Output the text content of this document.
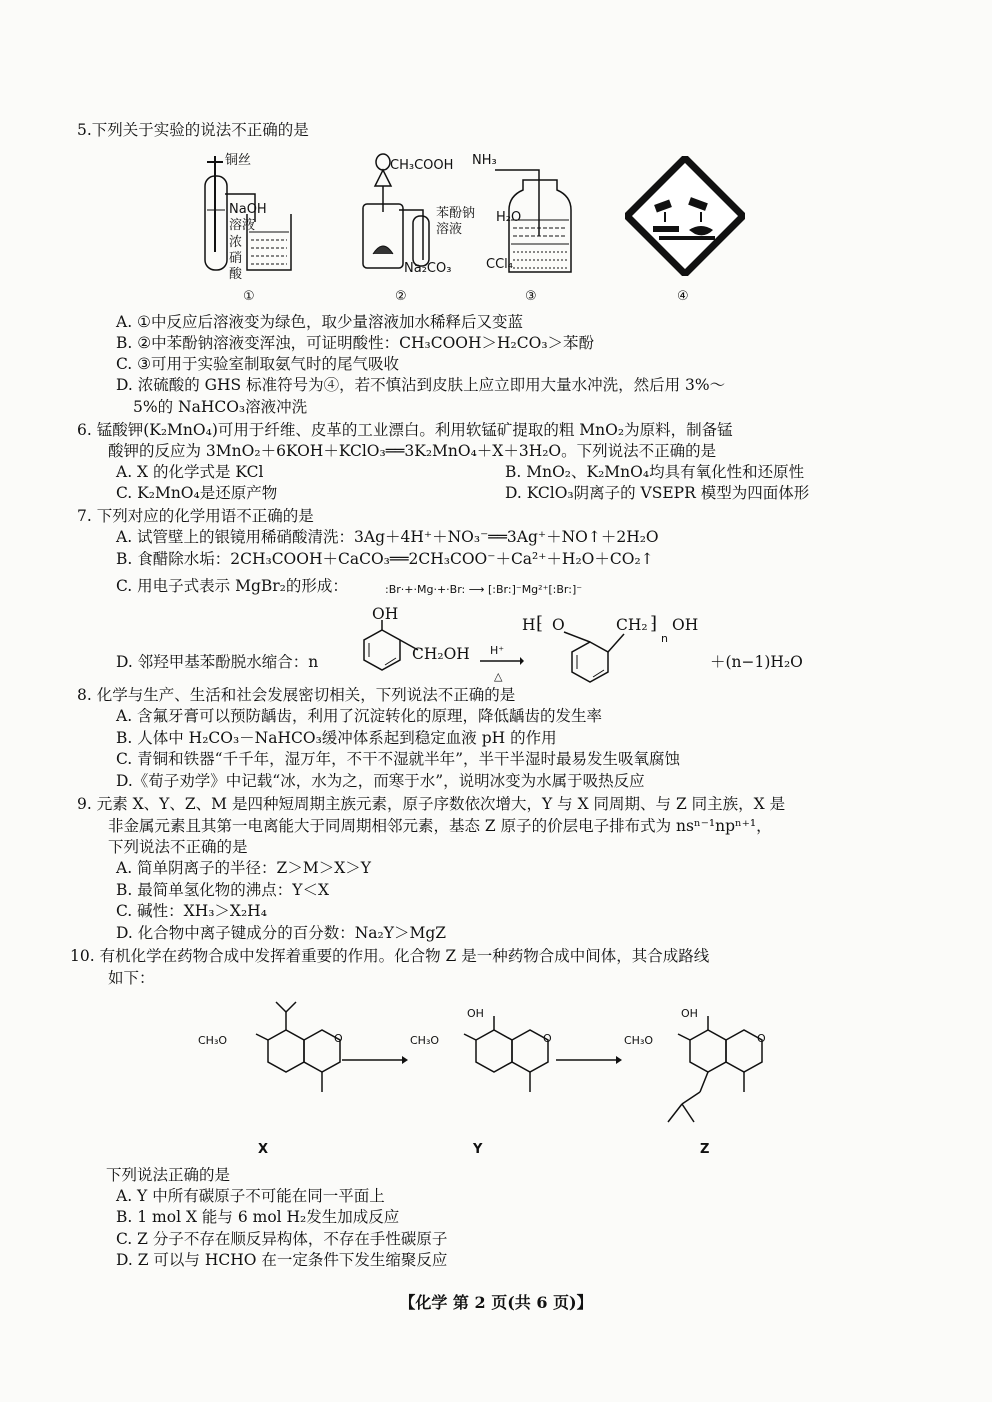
5.下列关于实验的说法不正确的是
铜丝
NaOH
溶液
浓
硝
酸
①
CH₃COOH
苯酚钠
溶液
Na₂CO₃
②
NH₃
H₂O
CCl₄
③	④
A. ①中反应后溶液变为绿色，取少量溶液加水稀释后又变蓝
B. ②中苯酚钠溶液变浑浊，可证明酸性：CH₃COOH＞H₂CO₃＞苯酚
C. ③可用于实验室制取氨气时的尾气吸收
D. 浓硫酸的 GHS 标准符号为④，若不慎沾到皮肤上应立即用大量水冲洗，然后用 3%～
5%的 NaHCO₃溶液冲洗
6. 锰酸钾(K₂MnO₄)可用于纤维、皮革的工业漂白。利用软锰矿提取的粗 MnO₂为原料，制备锰
酸钾的反应为 3MnO₂＋6KOH＋KClO₃══3K₂MnO₄＋X＋3H₂O。下列说法不正确的是
A. X 的化学式是 KCl	B. MnO₂、K₂MnO₄均具有氧化性和还原性
C. K₂MnO₄是还原产物	D. KClO₃阴离子的 VSEPR 模型为四面体形
7. 下列对应的化学用语不正确的是
A. 试管壁上的银镜用稀硝酸清洗：3Ag＋4H⁺＋NO₃⁻══3Ag⁺＋NO↑＋2H₂O
B. 食醋除水垢：2CH₃COOH＋CaCO₃══2CH₃COO⁻＋Ca²⁺＋H₂O＋CO₂↑
C. 用电子式表示 MgBr₂的形成：	:Br·+·Mg·+·Br: ⟶ [:Br:]⁻Mg²⁺[:Br:]⁻
D. 邻羟甲基苯酚脱水缩合：n
OH
CH₂OH H⁺
△
H ⁅ O	CH₂ ⁆
n
OH
＋(n−1)H₂O
8. 化学与生产、生活和社会发展密切相关，下列说法不正确的是
A. 含氟牙膏可以预防龋齿，利用了沉淀转化的原理，降低龋齿的发生率
B. 人体中 H₂CO₃－NaHCO₃缓冲体系起到稳定血液 pH 的作用
C. 青铜和铁器“千千年，湿万年，不干不湿就半年”，半干半湿时最易发生吸氧腐蚀
D.《荀子劝学》中记载“冰，水为之，而寒于水”，说明冰变为水属于吸热反应
9. 元素 X、Y、Z、M 是四种短周期主族元素，原子序数依次增大，Y 与 X 同周期、与 Z 同主族，X 是
非金属元素且其第一电离能大于同周期相邻元素，基态 Z 原子的价层电子排布式为 nsⁿ⁻¹npⁿ⁺¹，
下列说法不正确的是
A. 简单阴离子的半径：Z＞M＞X＞Y
B. 最简单氢化物的沸点：Y＜X
C. 碱性：XH₃＞X₂H₄
D. 化合物中离子键成分的百分数：Na₂Y＞MgZ
10. 有机化学在药物合成中发挥着重要的作用。化合物 Z 是一种药物合成中间体，其合成路线
如下：
CH₃O	O
OH
CH₃O	O
OH
CH₃O	O
X	Y	Z
下列说法正确的是
A. Y 中所有碳原子不可能在同一平面上
B. 1 mol X 能与 6 mol H₂发生加成反应
C. Z 分子不存在顺反异构体，不存在手性碳原子
D. Z 可以与 HCHO 在一定条件下发生缩聚反应
【化学 第 2 页(共 6 页)】
